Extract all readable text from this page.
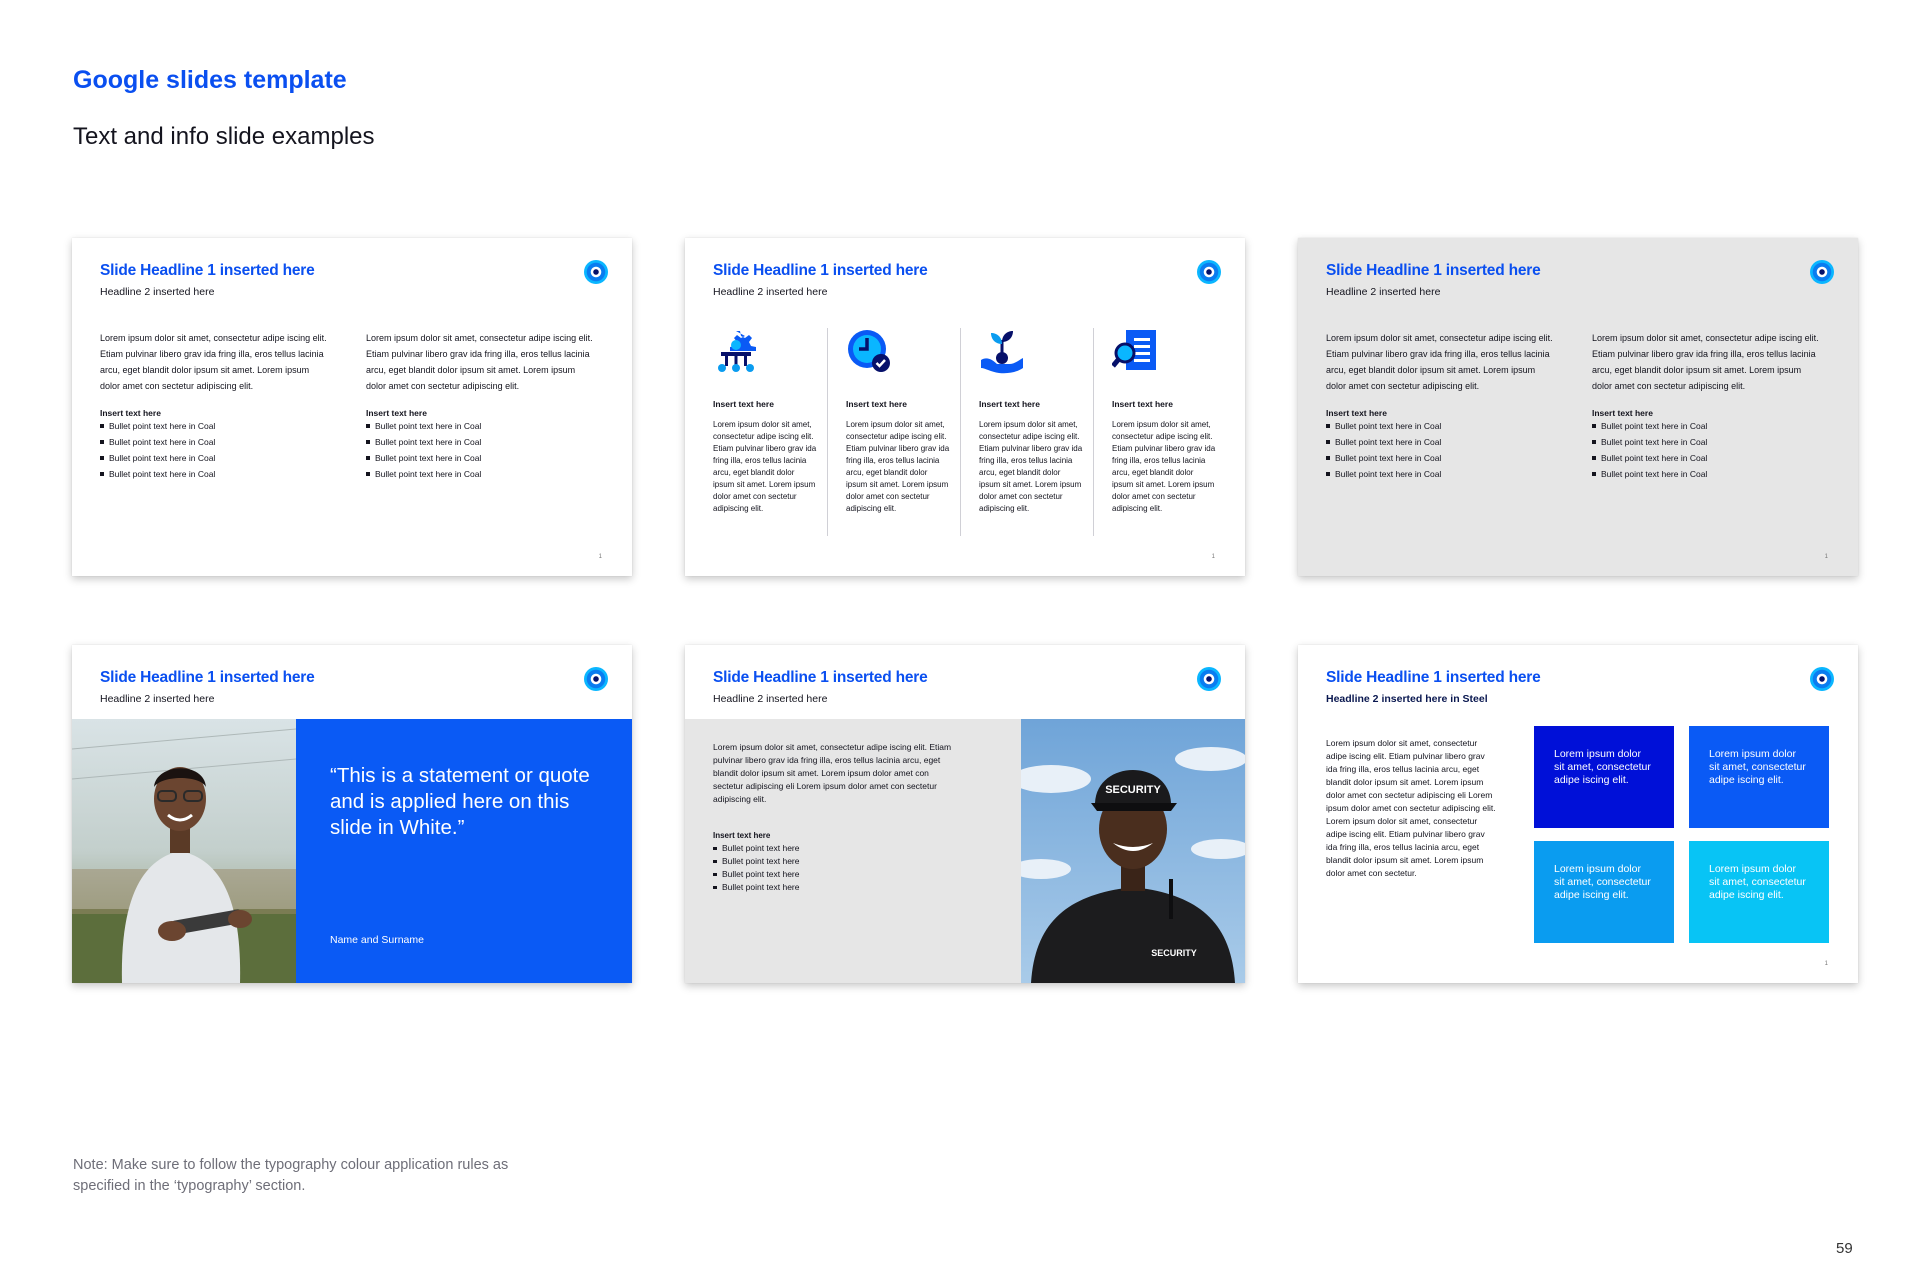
Google slides template
Text and info slide examples
Slide Headline 1 inserted here
Headline 2 inserted here

Lorem ipsum dolor sit amet, consectetur adipe iscing elit. Etiam pulvinar libero grav ida fring illa, eros tellus lacinia arcu, eget blandit dolor ipsum sit amet. Lorem ipsum dolor amet con sectetur adipiscing elit.

Insert text here

Bullet point text here in Coal
Bullet point text here in Coal
Bullet point text here in Coal
Bullet point text here in Coal

Lorem ipsum dolor sit amet, consectetur adipe iscing elit. Etiam pulvinar libero grav ida fring illa, eros tellus lacinia arcu, eget blandit dolor ipsum sit amet. Lorem ipsum dolor amet con sectetur adipiscing elit.

Insert text here

Bullet point text here in Coal
Bullet point text here in Coal
Bullet point text here in Coal
Bullet point text here in Coal
1
Slide Headline 1 inserted here
Headline 2 inserted here
Insert text here

Lorem ipsum dolor sit amet, consectetur adipe iscing elit. Etiam pulvinar libero grav ida fring illa, eros tellus lacinia arcu, eget blandit dolor ipsum sit amet. Lorem ipsum dolor amet con sectetur adipiscing elit.

Insert text here

Lorem ipsum dolor sit amet, consectetur adipe iscing elit. Etiam pulvinar libero grav ida fring illa, eros tellus lacinia arcu, eget blandit dolor ipsum sit amet. Lorem ipsum dolor amet con sectetur adipiscing elit.

Insert text here

Lorem ipsum dolor sit amet, consectetur adipe iscing elit. Etiam pulvinar libero grav ida fring illa, eros tellus lacinia arcu, eget blandit dolor ipsum sit amet. Lorem ipsum dolor amet con sectetur adipiscing elit.

Insert text here

Lorem ipsum dolor sit amet, consectetur adipe iscing elit. Etiam pulvinar libero grav ida fring illa, eros tellus lacinia arcu, eget blandit dolor ipsum sit amet. Lorem ipsum dolor amet con sectetur adipiscing elit.

1
Slide Headline 1 inserted here
Headline 2 inserted here

Lorem ipsum dolor sit amet, consectetur adipe iscing elit. Etiam pulvinar libero grav ida fring illa, eros tellus lacinia arcu, eget blandit dolor ipsum sit amet. Lorem ipsum dolor amet con sectetur adipiscing elit.

Insert text here

Bullet point text here in Coal
Bullet point text here in Coal
Bullet point text here in Coal
Bullet point text here in Coal

Lorem ipsum dolor sit amet, consectetur adipe iscing elit. Etiam pulvinar libero grav ida fring illa, eros tellus lacinia arcu, eget blandit dolor ipsum sit amet. Lorem ipsum dolor amet con sectetur adipiscing elit.

Insert text here

Bullet point text here in Coal
Bullet point text here in Coal
Bullet point text here in Coal
Bullet point text here in Coal
1
Slide Headline 1 inserted here
Headline 2 inserted here

“This is a statement or quote and is applied here on this slide in White.”

Name and Surname

Slide Headline 1 inserted here
Headline 2 inserted here

Lorem ipsum dolor sit amet, consectetur adipe iscing elit. Etiam pulvinar libero grav ida fring illa, eros tellus lacinia arcu, eget blandit dolor ipsum sit amet. Lorem ipsum dolor amet con sectetur adipiscing eli Lorem ipsum dolor amet con sectetur adipiscing elit.

Insert text here

Bullet point text here
Bullet point text here
Bullet point text here
Bullet point text here
SECURITY
SECURITY
Slide Headline 1 inserted here
Headline 2 inserted here in Steel

Lorem ipsum dolor sit amet, consectetur adipe iscing elit. Etiam pulvinar libero grav ida fring illa, eros tellus lacinia arcu, eget blandit dolor ipsum sit amet. Lorem ipsum dolor amet con sectetur adipiscing eli Lorem ipsum dolor amet con sectetur adipiscing elit. Lorem ipsum dolor sit amet, consectetur adipe iscing elit. Etiam pulvinar libero grav ida fring illa, eros tellus lacinia arcu, eget blandit dolor ipsum sit amet. Lorem ipsum dolor amet con sectetur.

Lorem ipsum dolor sit amet, consectetur adipe iscing elit.
Lorem ipsum dolor sit amet, consectetur adipe iscing elit.
Lorem ipsum dolor sit amet, consectetur adipe iscing elit.
Lorem ipsum dolor sit amet, consectetur adipe iscing elit.
1

Note: Make sure to follow the typography colour application rules as specified in the ‘typography’ section.

59
